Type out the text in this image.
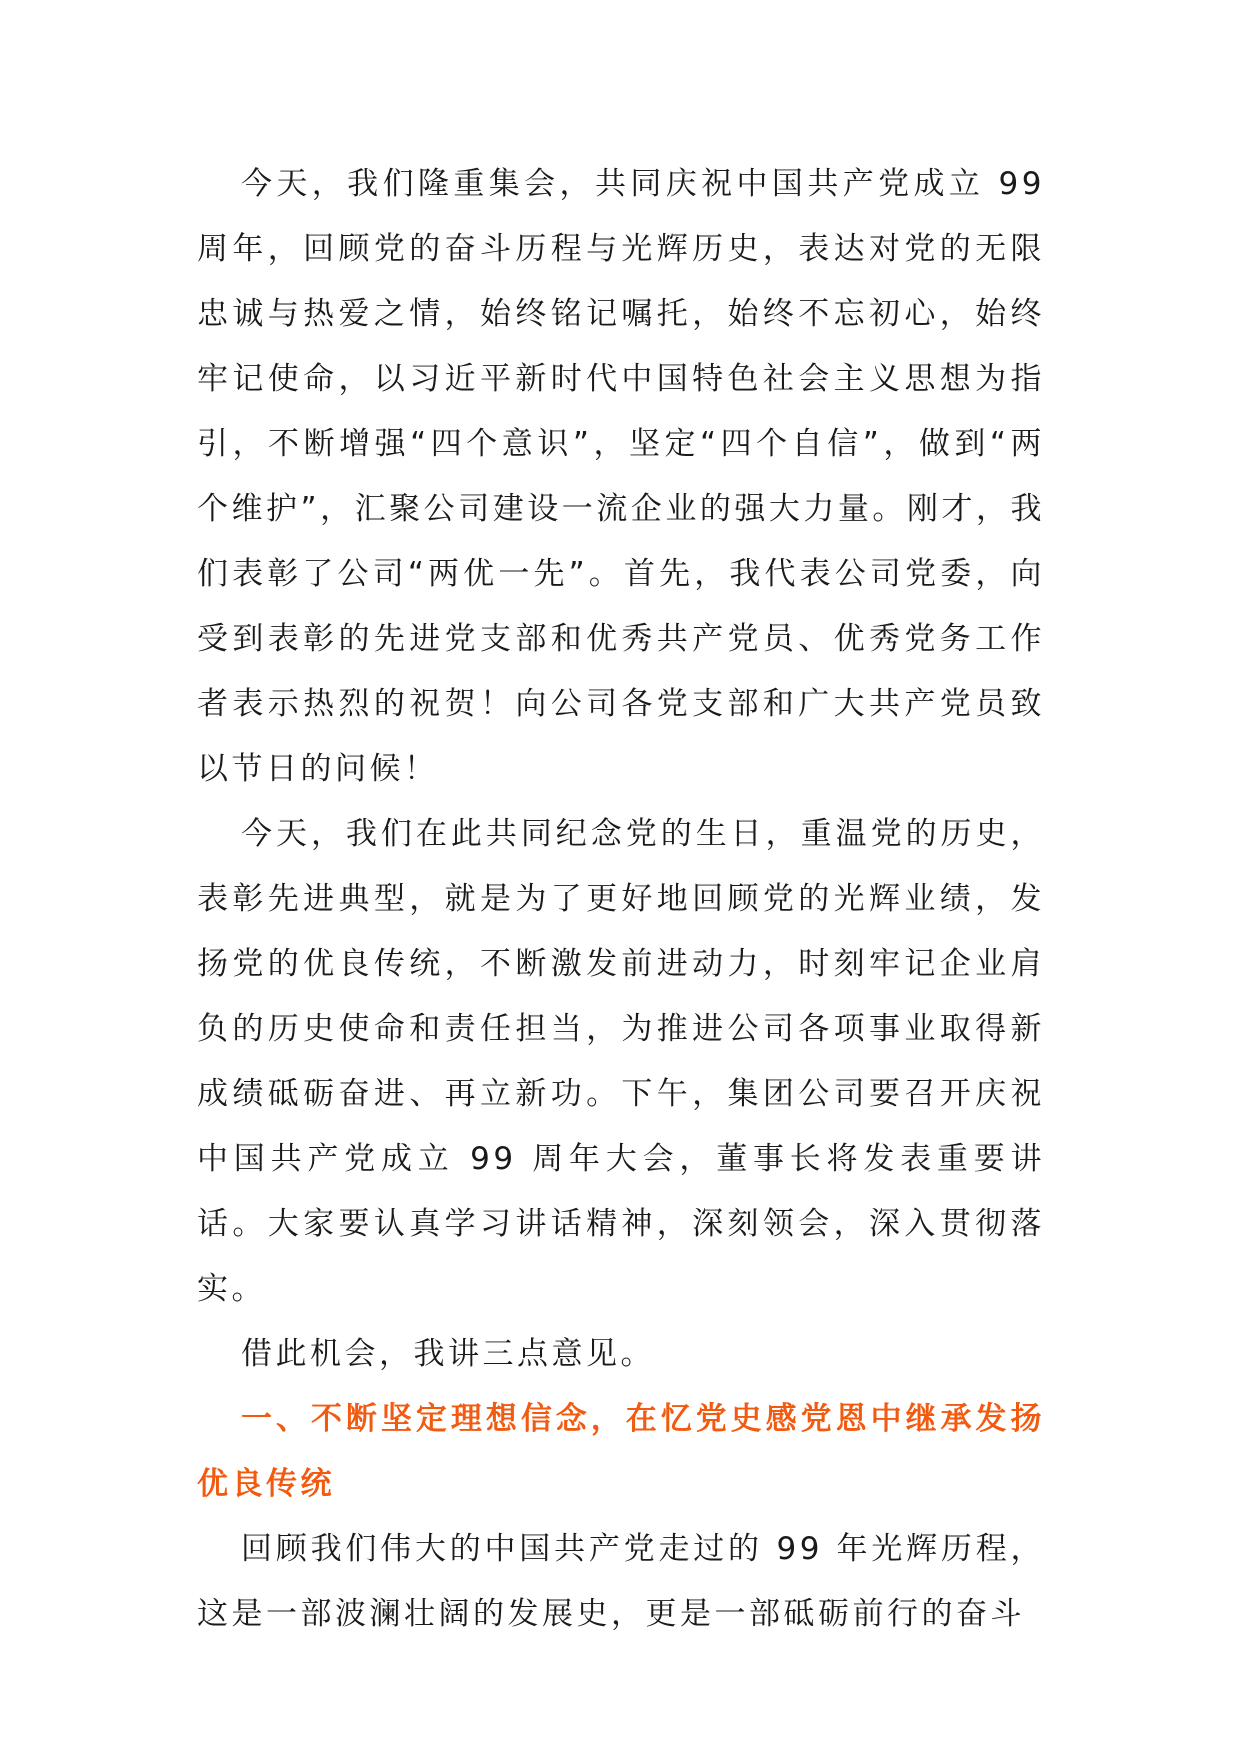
今天，我们隆重集会，共同庆祝中国共产党成立 99 周年，回顾党的奋斗历程与光辉历史，表达对党的无限忠诚与热爱之情，始终铭记嘱托，始终不忘初心，始终牢记使命，以习近平新时代中国特色社会主义思想为指引，不断增强“四个意识”，坚定“四个自信”，做到“两个维护”，汇聚公司建设一流企业的强大力量。刚才，我们表彰了公司“两优一先”。首先，我代表公司党委，向受到表彰的先进党支部和优秀共产党员、优秀党务工作者表示热烈的祝贺！向公司各党支部和广大共产党员致以节日的问候！

今天，我们在此共同纪念党的生日，重温党的历史，表彰先进典型，就是为了更好地回顾党的光辉业绩，发扬党的优良传统，不断激发前进动力，时刻牢记企业肩负的历史使命和责任担当，为推进公司各项事业取得新成绩砥砺奋进、再立新功。下午，集团公司要召开庆祝中国共产党成立 99 周年大会，董事长将发表重要讲话。大家要认真学习讲话精神，深刻领会，深入贯彻落实。

借此机会，我讲三点意见。

一、不断坚定理想信念，在忆党史感党恩中继承发扬优良传统

回顾我们伟大的中国共产党走过的 99 年光辉历程，这是一部波澜壮阔的发展史，更是一部砥砺前行的奋斗
